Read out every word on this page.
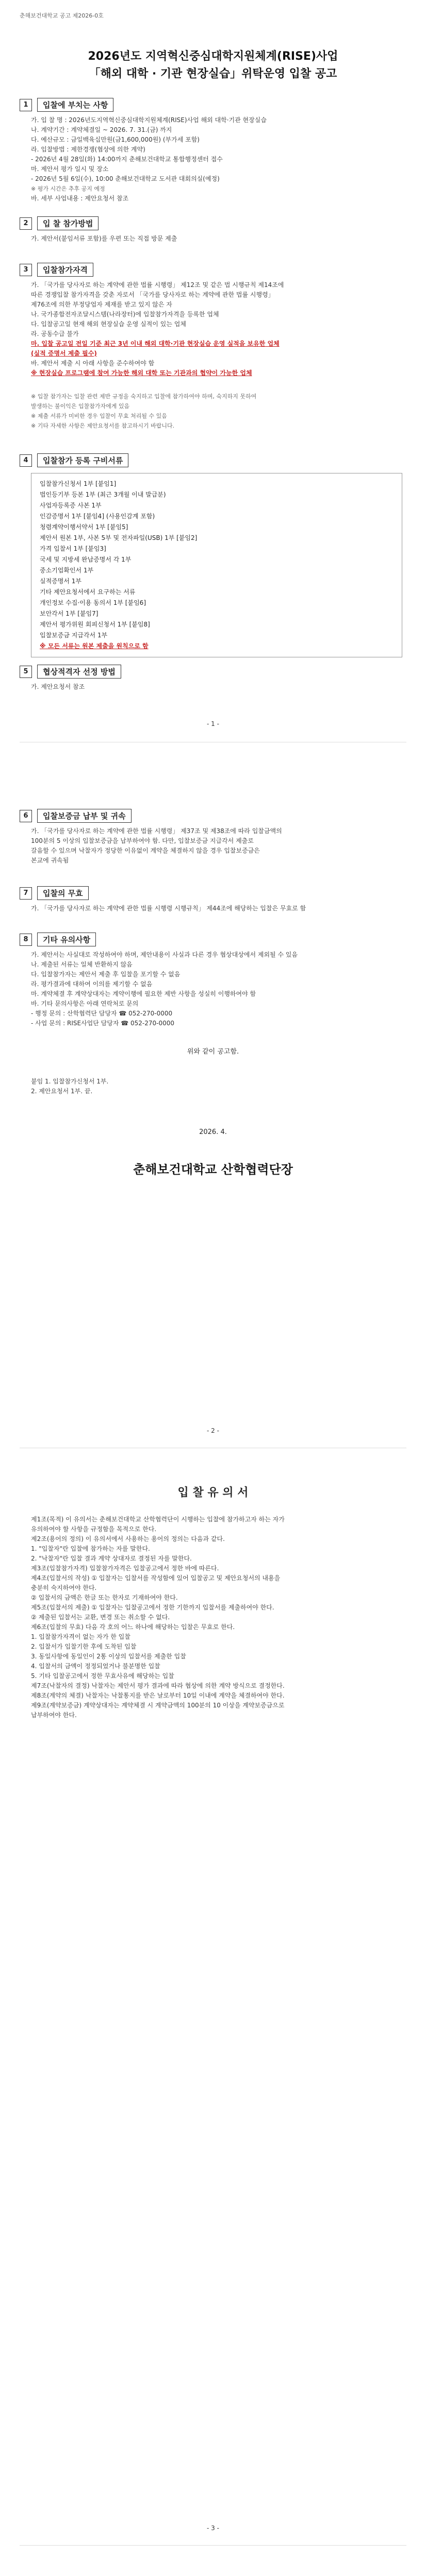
춘해보건대학교 공고 제2026-0호
2026년도 지역혁신중심대학지원체계(RISE)사업
「해외 대학 · 기관 현장실습」위탁운영 입찰 공고
1	입찰에 부치는 사항
가. 입 찰 명 : 2026년도지역혁신중심대학지원체계(RISE)사업 해외 대학·기관 현장실습
나. 계약기간 : 계약체결일 ~ 2026. 7. 31.(금) 까지
다. 예산규모 : 금일백육십만원(금1,600,000원) (부가세 포함)
라. 입찰방법 : 제한경쟁(협상에 의한 계약)
- 2026년 4월 28일(화) 14:00까지 춘해보건대학교 통합행정센터 접수
마. 제안서 평가 일시 및 장소
- 2026년 5월 6일(수), 10:00 춘해보건대학교 도서관 대회의실(예정)
※ 평가 시간은 추후 공지 예정
바. 세부 사업내용 : 제안요청서 참조
2	입 찰 참가방법
가. 제안서(붙임서류 포함)를 우편 또는 직접 방문 제출
3	입찰참가자격
가. 「국가를 당사자로 하는 계약에 관한 법률 시행령」 제12조 및 같은 법 시행규칙 제14조에
따른 경쟁입찰 참가자격을 갖춘 자로서 「국가를 당사자로 하는 계약에 관한 법률 시행령」
제76조에 의한 부정당업자 제재를 받고 있지 않은 자
나. 국가종합전자조달시스템(나라장터)에 입찰참가자격을 등록한 업체
다. 입찰공고일 현재 해외 현장실습 운영 실적이 있는 업체
라. 공동수급 불가
마. 입찰 공고일 전일 기준 최근 3년 이내 해외 대학·기관 현장실습 운영 실적을 보유한 업체
(실적 증명서 제출 필수)
바. 제안서 제출 시 아래 사항을 준수하여야 함
※ 현장실습 프로그램에 참여 가능한 해외 대학 또는 기관과의 협약이 가능한 업체
※ 입찰 참가자는 입찰 관련 제반 규정을 숙지하고 입찰에 참가하여야 하며, 숙지하지 못하여
발생하는 불이익은 입찰참가자에게 있음
※ 제출 서류가 미비한 경우 입찰이 무효 처리될 수 있음
※ 기타 자세한 사항은 제안요청서를 참고하시기 바랍니다.
4	입찰참가 등록 구비서류
입찰참가신청서 1부 [붙임1]
법인등기부 등본 1부 (최근 3개월 이내 발급분)
사업자등록증 사본 1부
인감증명서 1부 [붙임4] (사용인감계 포함)
청렴계약이행서약서 1부 [붙임5]
제안서 원본 1부, 사본 5부 및 전자파일(USB) 1부 [붙임2]
가격 입찰서 1부 [붙임3]
국세 및 지방세 완납증명서 각 1부
중소기업확인서 1부
실적증명서 1부
기타 제안요청서에서 요구하는 서류
개인정보 수집·이용 동의서 1부 [붙임6]
보안각서 1부 [붙임7]
제안서 평가위원 회피신청서 1부 [붙임8]
입찰보증금 지급각서 1부
※ 모든 서류는 원본 제출을 원칙으로 함
5	협상적격자 선정 방법
가. 제안요청서 참조
- 1 -
6	입찰보증금 납부 및 귀속
가. 「국가를 당사자로 하는 계약에 관한 법률 시행령」 제37조 및 제38조에 따라 입찰금액의
100분의 5 이상의 입찰보증금을 납부하여야 함. 다만, 입찰보증금 지급각서 제출로
갈음할 수 있으며 낙찰자가 정당한 이유없이 계약을 체결하지 않을 경우 입찰보증금은
본교에 귀속됨
7	입찰의 무효
가. 「국가를 당사자로 하는 계약에 관한 법률 시행령 시행규칙」 제44조에 해당하는 입찰은 무효로 함
8	기타 유의사항
가. 제안서는 사실대로 작성하여야 하며, 제안내용이 사실과 다른 경우 협상대상에서 제외될 수 있음
나. 제출된 서류는 일체 반환하지 않음
다. 입찰참가자는 제안서 제출 후 입찰을 포기할 수 없음
라. 평가결과에 대하여 이의를 제기할 수 없음
마. 계약체결 후 계약상대자는 계약이행에 필요한 제반 사항을 성실히 이행하여야 함
바. 기타 문의사항은 아래 연락처로 문의
- 행정 문의 : 산학협력단 담당자 ☎ 052-270-0000
- 사업 문의 : RISE사업단 담당자 ☎ 052-270-0000
위와 같이 공고함.
붙임 1. 입찰참가신청서 1부.
2. 제안요청서 1부. 끝.
2026. 4.
춘해보건대학교 산학협력단장
- 2 -
입 찰 유 의 서
제1조(목적) 이 유의서는 춘해보건대학교 산학협력단이 시행하는 입찰에 참가하고자 하는 자가
유의하여야 할 사항을 규정함을 목적으로 한다.
제2조(용어의 정의) 이 유의서에서 사용하는 용어의 정의는 다음과 같다.
1. "입찰자"란 입찰에 참가하는 자를 말한다.
2. "낙찰자"란 입찰 결과 계약 상대자로 결정된 자를 말한다.
제3조(입찰참가자격) 입찰참가자격은 입찰공고에서 정한 바에 따른다.
제4조(입찰서의 작성) ① 입찰자는 입찰서를 작성함에 있어 입찰공고 및 제안요청서의 내용을
충분히 숙지하여야 한다.
② 입찰서의 금액은 한글 또는 한자로 기재하여야 한다.
제5조(입찰서의 제출) ① 입찰자는 입찰공고에서 정한 기한까지 입찰서를 제출하여야 한다.
② 제출된 입찰서는 교환, 변경 또는 취소할 수 없다.
제6조(입찰의 무효) 다음 각 호의 어느 하나에 해당하는 입찰은 무효로 한다.
1. 입찰참가자격이 없는 자가 한 입찰
2. 입찰서가 입찰기한 후에 도착된 입찰
3. 동일사항에 동일인이 2통 이상의 입찰서를 제출한 입찰
4. 입찰서의 금액이 정정되었거나 불분명한 입찰
5. 기타 입찰공고에서 정한 무효사유에 해당하는 입찰
제7조(낙찰자의 결정) 낙찰자는 제안서 평가 결과에 따라 협상에 의한 계약 방식으로 결정한다.
제8조(계약의 체결) 낙찰자는 낙찰통지를 받은 날로부터 10일 이내에 계약을 체결하여야 한다.
제9조(계약보증금) 계약상대자는 계약체결 시 계약금액의 100분의 10 이상을 계약보증금으로
납부하여야 한다.
- 3 -
